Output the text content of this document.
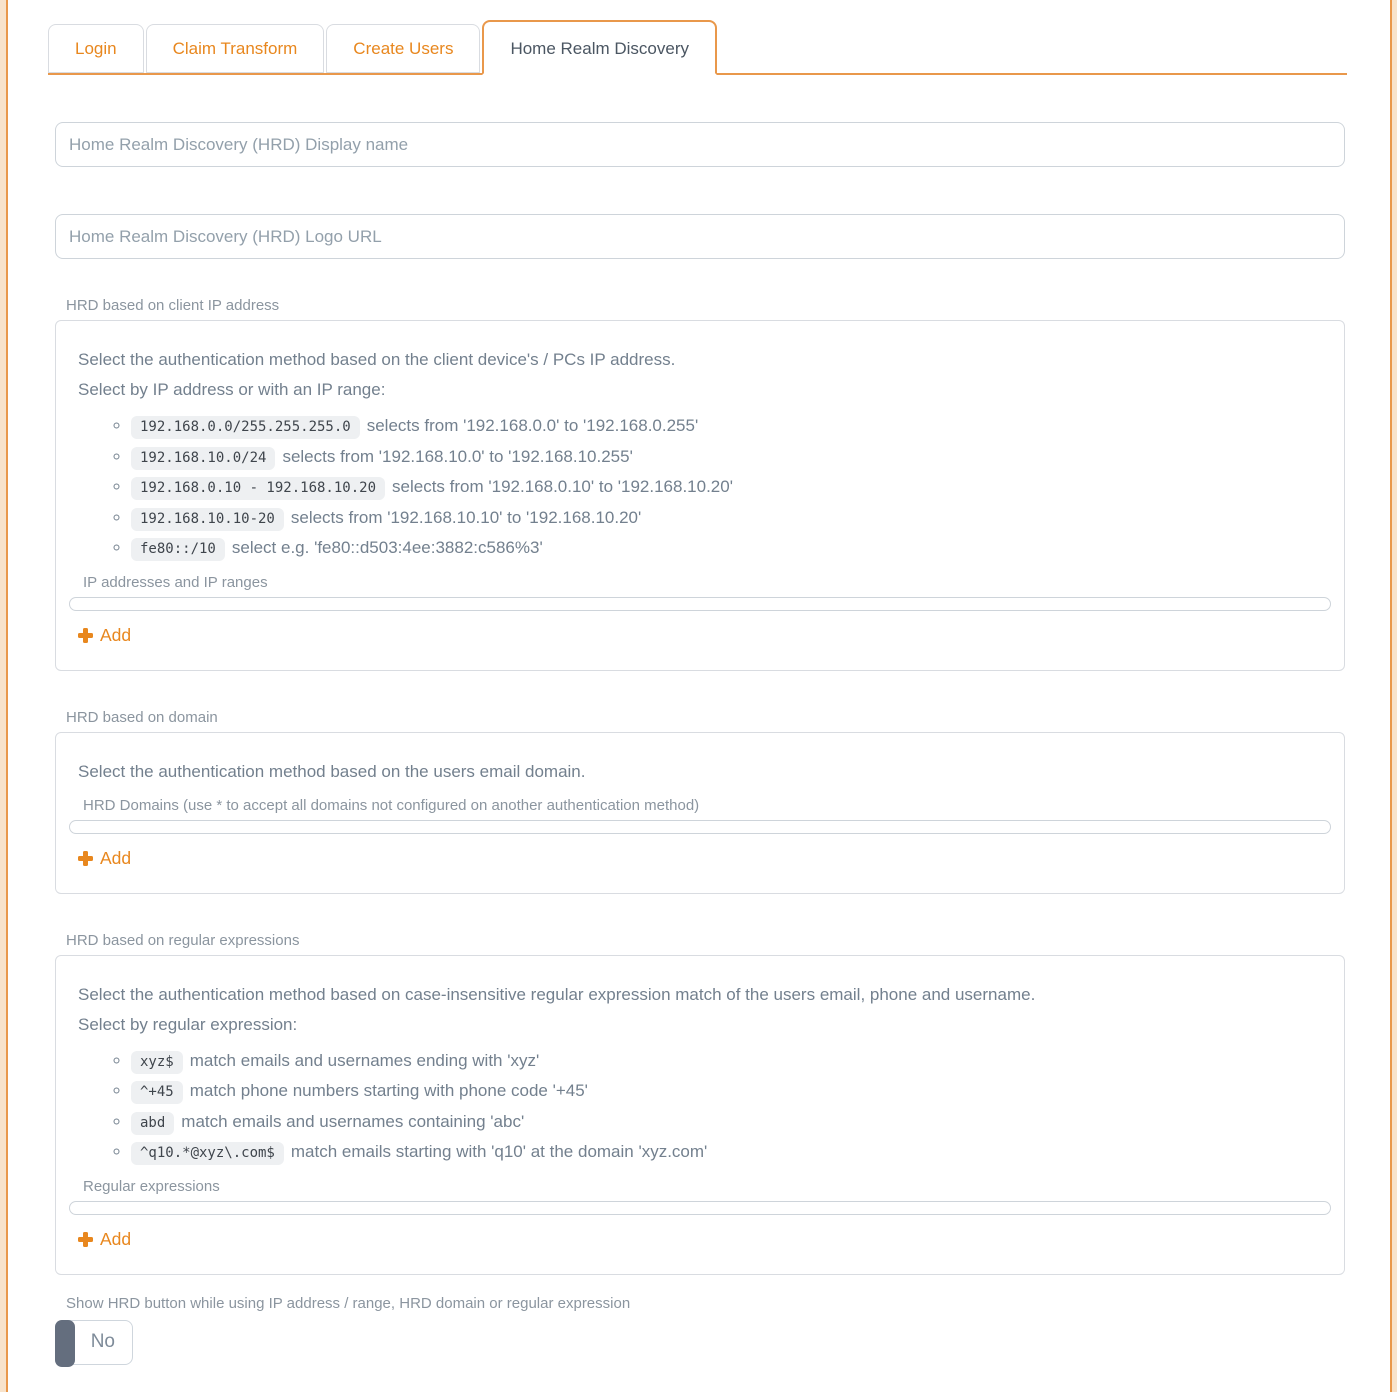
Login	Claim Transform	Create Users	Home Realm Discovery
Home Realm Discovery (HRD) Display name
Home Realm Discovery (HRD) Logo URL
HRD based on client IP address

Select the authentication method based on the client device's / PCs IP address.

Select by IP address or with an IP range:

◦ 192.168.0.0/255.255.255.0 selects from '192.168.0.0' to '192.168.0.255'
◦ 192.168.10.0/24 selects from '192.168.10.0' to '192.168.10.255'
◦ 192.168.0.10 - 192.168.10.20 selects from '192.168.0.10' to '192.168.10.20'
◦ 192.168.10.10-20 selects from '192.168.10.10' to '192.168.10.20'
◦ fe80::/10 select e.g. 'fe80::d503:4ee:3882:c586%3'
IP addresses and IP ranges
Add
HRD based on domain

Select the authentication method based on the users email domain.

HRD Domains (use * to accept all domains not configured on another authentication method)
Add
HRD based on regular expressions

Select the authentication method based on case-insensitive regular expression match of the users email, phone and username.

Select by regular expression:

◦ xyz$ match emails and usernames ending with 'xyz'
◦ ^+45 match phone numbers starting with phone code '+45'
◦ abd match emails and usernames containing 'abc'
◦ ^q10.*@xyz\.com$ match emails starting with 'q10' at the domain 'xyz.com'
Regular expressions
Add
Show HRD button while using IP address / range, HRD domain or regular expression
No
